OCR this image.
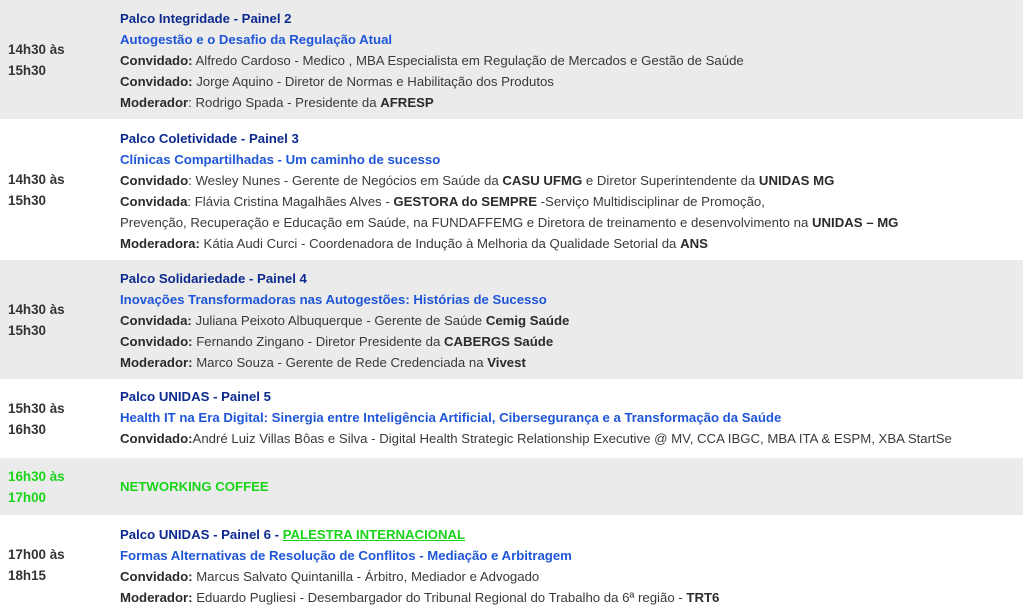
14h30 às
15h30
Palco Integridade - Painel 2
Autogestão e o Desafio da Regulação Atual
Convidado: Alfredo Cardoso - Medico , MBA Especialista em Regulação de Mercados e Gestão de Saúde
Convidado: Jorge Aquino - Diretor de Normas e Habilitação dos Produtos
Moderador: Rodrigo Spada - Presidente da AFRESP
14h30 às
15h30
Palco Coletividade - Painel 3
Clínicas Compartilhadas - Um caminho de sucesso
Convidado: Wesley Nunes - Gerente de Negócios em Saúde da CASU UFMG e Diretor Superintendente da UNIDAS MG
Convidada: Flávia Cristina Magalhães Alves - GESTORA do SEMPRE -Serviço Multidisciplinar de Promoção,
Prevenção, Recuperação e Educação em Saúde, na FUNDAFFEMG e Diretora de treinamento e desenvolvimento na UNIDAS – MG
Moderadora: Kátia Audi Curci - Coordenadora de Indução à Melhoria da Qualidade Setorial da ANS
14h30 às
15h30
Palco Solidariedade - Painel 4
Inovações Transformadoras nas Autogestões: Histórias de Sucesso
Convidada: Juliana Peixoto Albuquerque - Gerente de Saúde Cemig Saúde
Convidado: Fernando Zingano - Diretor Presidente da CABERGS Saúde
Moderador: Marco Souza - Gerente de Rede Credenciada na Vivest
15h30 às
16h30
Palco UNIDAS - Painel 5
Health IT na Era Digital: Sinergia entre Inteligência Artificial, Cibersegurança e a Transformação da Saúde
Convidado:André Luiz Villas Bôas e Silva - Digital Health Strategic Relationship Executive @ MV, CCA IBGC, MBA ITA & ESPM, XBA StartSe
16h30 às
17h00
NETWORKING COFFEE
17h00 às
18h15
Palco UNIDAS - Painel 6 - PALESTRA INTERNACIONAL
Formas Alternativas de Resolução de Conflitos - Mediação e Arbitragem
Convidado: Marcus Salvato Quintanilla - Árbitro, Mediador e Advogado
Moderador: Eduardo Pugliesi - Desembargador do Tribunal Regional do Trabalho da 6ª região - TRT6
